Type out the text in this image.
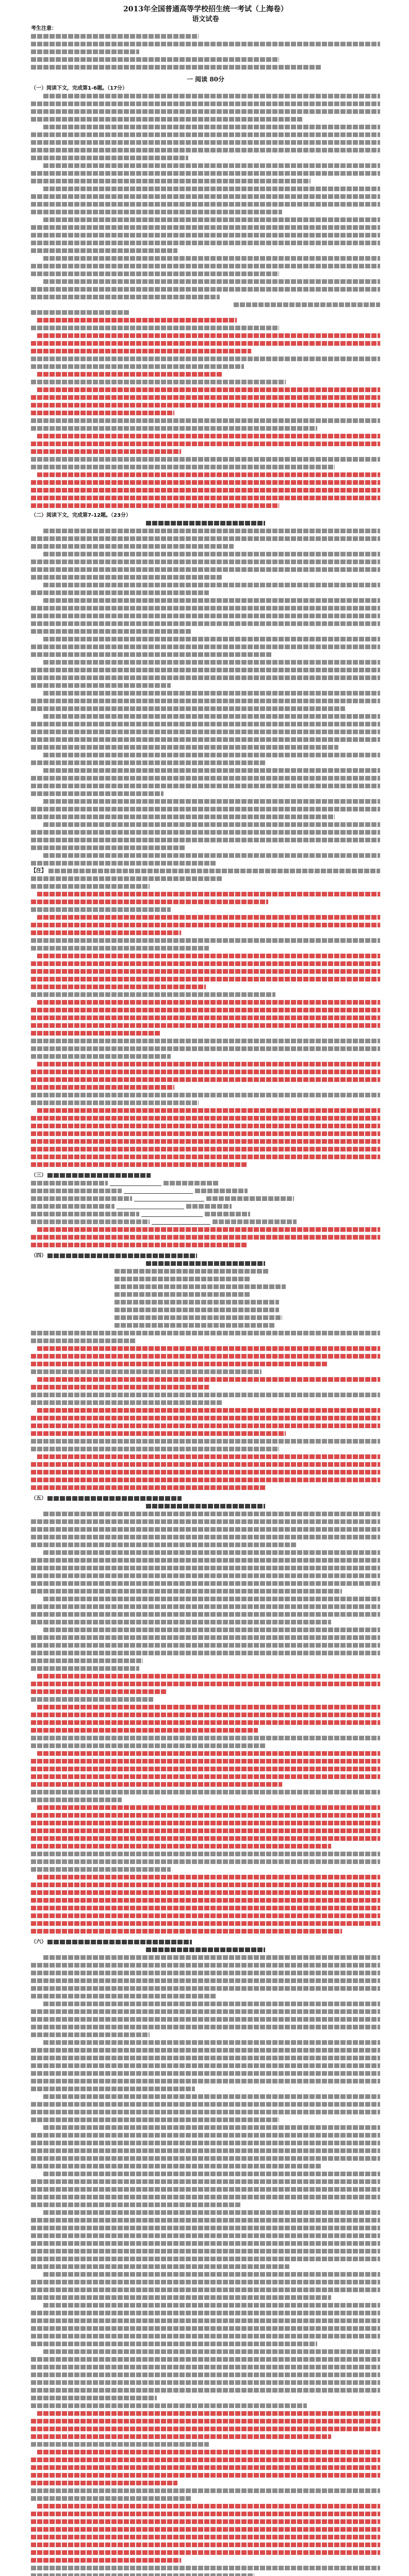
2013年全国普通高等学校招生统一考试（上海卷）
语文试卷
考生注意：
一 阅读 80分
（一）阅读下文，完成第1-6题。（17分）
（二）阅读下文，完成第7-12题。（23分）
【注】
（三）
（四）
（五）
（六）
